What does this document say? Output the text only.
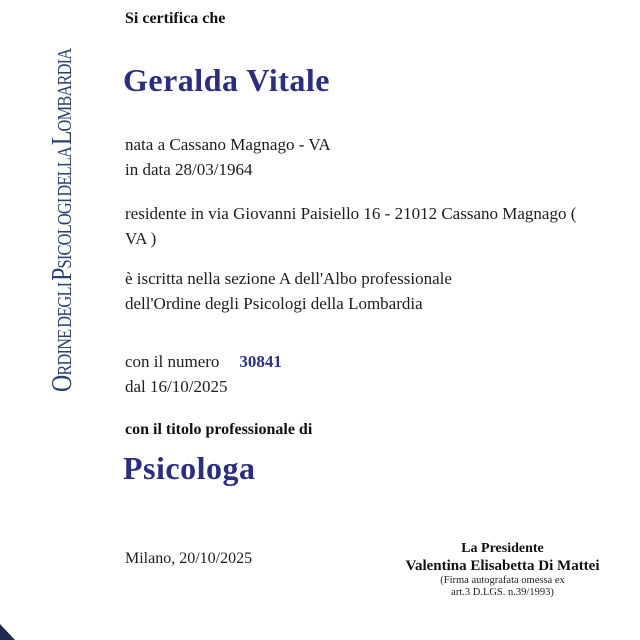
Ordine degli Psicologi della Lombardia
Si certifica che
Geralda Vitale
nata a Cassano Magnago - VA
in data 28/03/1964
residente in via Giovanni Paisiello 16 - 21012 Cassano Magnago (
VA )
è iscritta nella sezione A dell'Albo professionale
dell'Ordine degli Psicologi della Lombardia
con il numero 30841
dal 16/10/2025
con il titolo professionale di
Psicologa
Milano, 20/10/2025
La Presidente
Valentina Elisabetta Di Mattei
(Firma autografata omessa ex
art.3 D.LGS. n.39/1993)
